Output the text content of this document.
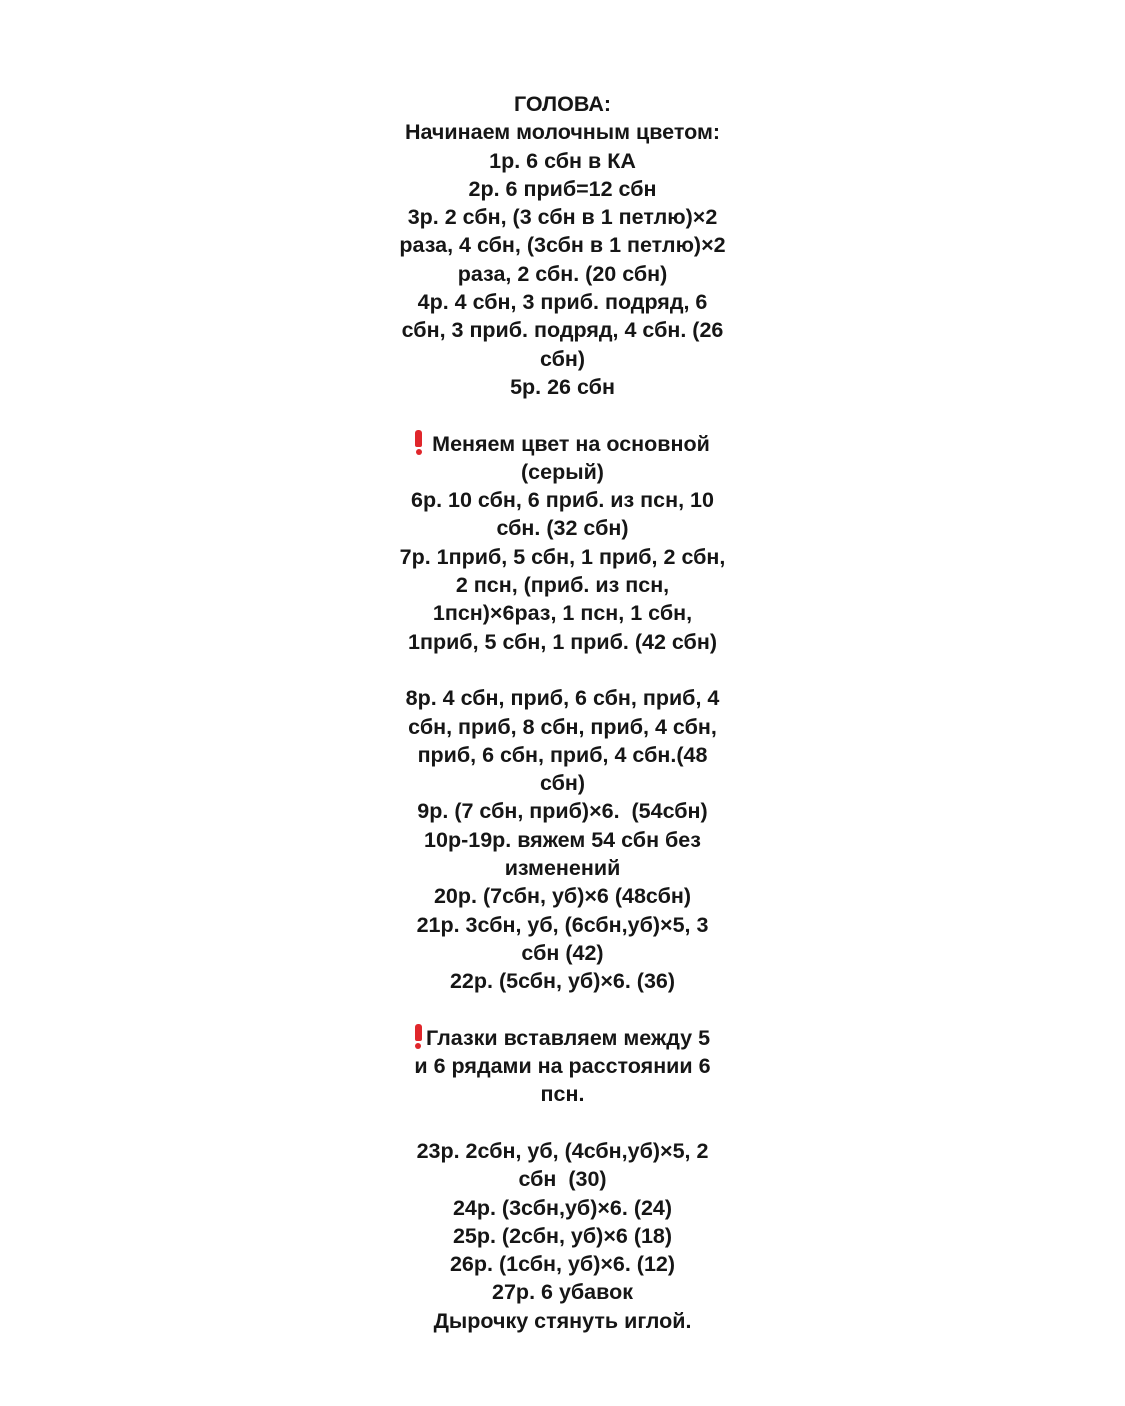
ГОЛОВА:
Начинаем молочным цветом:
1р. 6 сбн в КА
2р. 6 приб=12 сбн
3р. 2 сбн, (3 сбн в 1 петлю)×2
раза, 4 сбн, (3сбн в 1 петлю)×2
раза, 2 сбн. (20 сбн)
4р. 4 сбн, 3 приб. подряд, 6
сбн, 3 приб. подряд, 4 сбн. (26
сбн)
5р. 26 сбн
Меняем цвет на основной
(серый)
6р. 10 сбн, 6 приб. из псн, 10
сбн. (32 сбн)
7р. 1приб, 5 сбн, 1 приб, 2 сбн,
2 псн, (приб. из псн,
1псн)×6раз, 1 псн, 1 сбн,
1приб, 5 сбн, 1 приб. (42 сбн)
8р. 4 сбн, приб, 6 сбн, приб, 4
сбн, приб, 8 сбн, приб, 4 сбн,
приб, 6 сбн, приб, 4 сбн.(48
сбн)
9р. (7 сбн, приб)×6.  (54сбн)
10р-19р. вяжем 54 сбн без
изменений
20р. (7сбн, уб)×6 (48сбн)
21р. 3сбн, уб, (6сбн,уб)×5, 3
сбн (42)
22р. (5сбн, уб)×6. (36)
Глазки вставляем между 5
и 6 рядами на расстоянии 6
псн.
23р. 2сбн, уб, (4сбн,уб)×5, 2
сбн  (30)
24р. (3сбн,уб)×6. (24)
25р. (2сбн, уб)×6 (18)
26р. (1сбн, уб)×6. (12)
27р. 6 убавок
Дырочку стянуть иглой.
